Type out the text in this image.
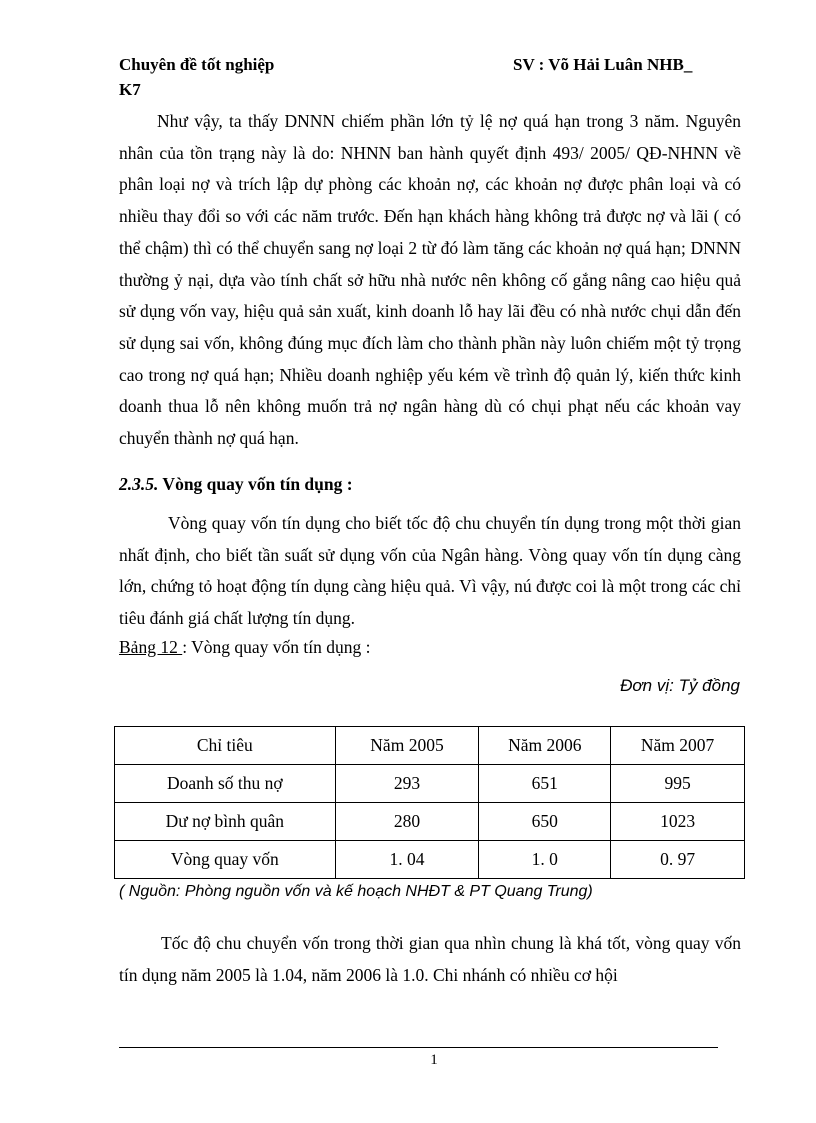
Chuyên đề tốt nghiệp	SV : Võ Hải Luân NHB_
K7

Như vậy, ta thấy DNNN chiếm phần lớn tỷ lệ nợ quá hạn trong 3 năm. Nguyên nhân của tồn trạng này là do: NHNN ban hành quyết định 493/ 2005/ QĐ-NHNN về phân loại nợ và trích lập dự phòng các khoản nợ, các khoản nợ được phân loại và có nhiều thay đổi so với các năm trước. Đến hạn khách hàng không trả được nợ và lãi ( có thể chậm) thì có thể chuyển sang nợ loại 2 từ đó làm tăng các khoản nợ quá hạn; DNNN thường ỷ nại, dựa vào tính chất sở hữu nhà nước nên không cố gắng nâng cao hiệu quả sử dụng vốn vay, hiệu quả sản xuất, kinh doanh lỗ hay lãi đều có nhà nước chụi dẫn đến sử dụng sai vốn, không đúng mục đích làm cho thành phần này luôn chiếm một tỷ trọng cao trong nợ quá hạn; Nhiều doanh nghiệp yếu kém về trình độ quản lý, kiến thức kinh doanh thua lỗ nên không muốn trả nợ ngân hàng dù có chụi phạt nếu các khoản vay chuyển thành nợ quá hạn.

2.3.5. Vòng quay vốn tín dụng :

Vòng quay vốn tín dụng cho biết tốc độ chu chuyển tín dụng trong một thời gian nhất định, cho biết tần suất sử dụng vốn của Ngân hàng. Vòng quay vốn tín dụng càng lớn, chứng tỏ hoạt động tín dụng càng hiệu quả. Vì vậy, nú được coi là một trong các chỉ tiêu đánh giá chất lượng tín dụng.

Bảng 12 : Vòng quay vốn tín dụng :
Đơn vị: Tỷ đồng
Chỉ tiêu	Năm 2005	Năm 2006	Năm 2007
Doanh số thu nợ	293	651	995
Dư nợ bình quân	280	650	1023
Vòng quay vốn	1. 04	1. 0	0. 97
( Nguồn: Phòng nguồn vốn và kế hoạch NHĐT & PT Quang Trung)

Tốc độ chu chuyển vốn trong thời gian qua nhìn chung là khá tốt, vòng quay vốn tín dụng năm 2005 là 1.04, năm 2006 là 1.0. Chi nhánh có nhiều cơ hội

1
